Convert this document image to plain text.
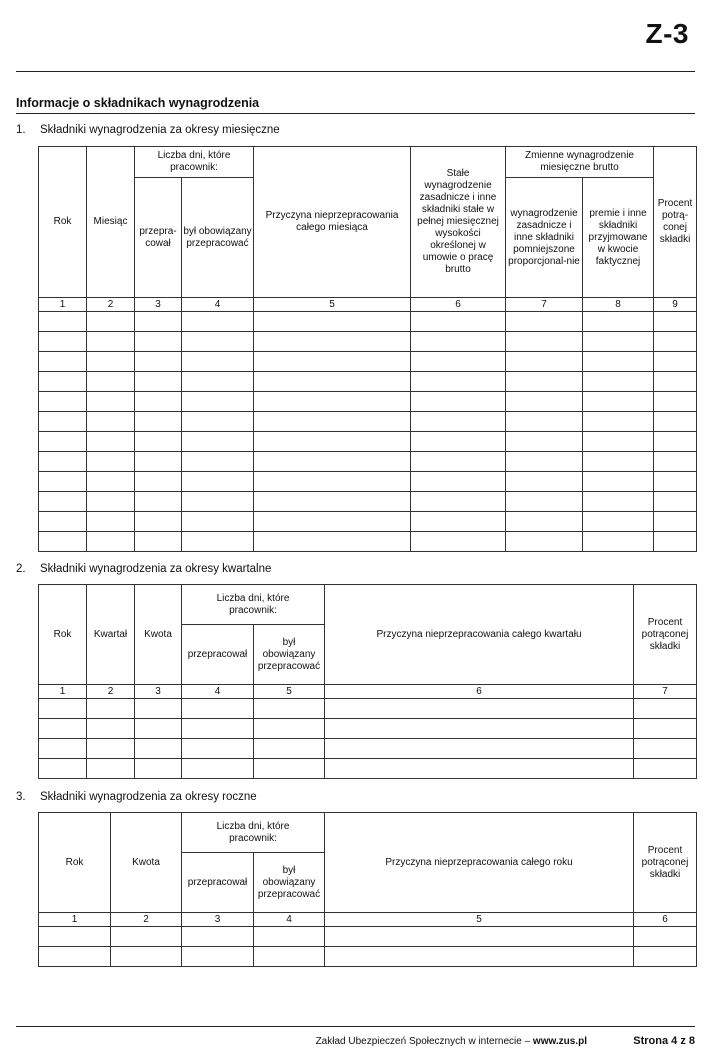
Z-3
Informacje o składnikach wynagrodzenia
1. Składniki wynagrodzenia za okresy miesięczne
Rok	Miesiąc	Liczba dni, które pracownik:		Przyczyna nieprzepracowania całego miesiąca	Stałe wynagrodzenie zasadnicze i inne składniki stałe w pełnej miesięcznej wysokości określonej w umowie o pracę brutto	Zmienne wynagrodzenie miesięczne brutto		Procent potrą-conej składki
		przepra-cował	był obowiązany przepracować			wynagrodzenie zasadnicze i inne składniki pomniejszone proporcjonal-nie	premie i inne składniki przyjmowane w kwocie faktycznej	
1	2	3	4	5	6	7	8	9

2. Składniki wynagrodzenia za okresy kwartalne
Rok	Kwartał	Kwota	Liczba dni, które pracownik:		Przyczyna nieprzepracowania całego kwartału	Procent potrąconej składki
			przepracował	był obowiązany przepracować		
1	2	3	4	5	6	7

3. Składniki wynagrodzenia za okresy roczne
Rok	Kwota	Liczba dni, które pracownik:		Przyczyna nieprzepracowania całego roku	Procent potrąconej składki
		przepracował	był obowiązany przepracować		
1	2	3	4	5	6

Zakład Ubezpieczeń Społecznych w internecie – www.zus.pl	Strona 4 z 8
